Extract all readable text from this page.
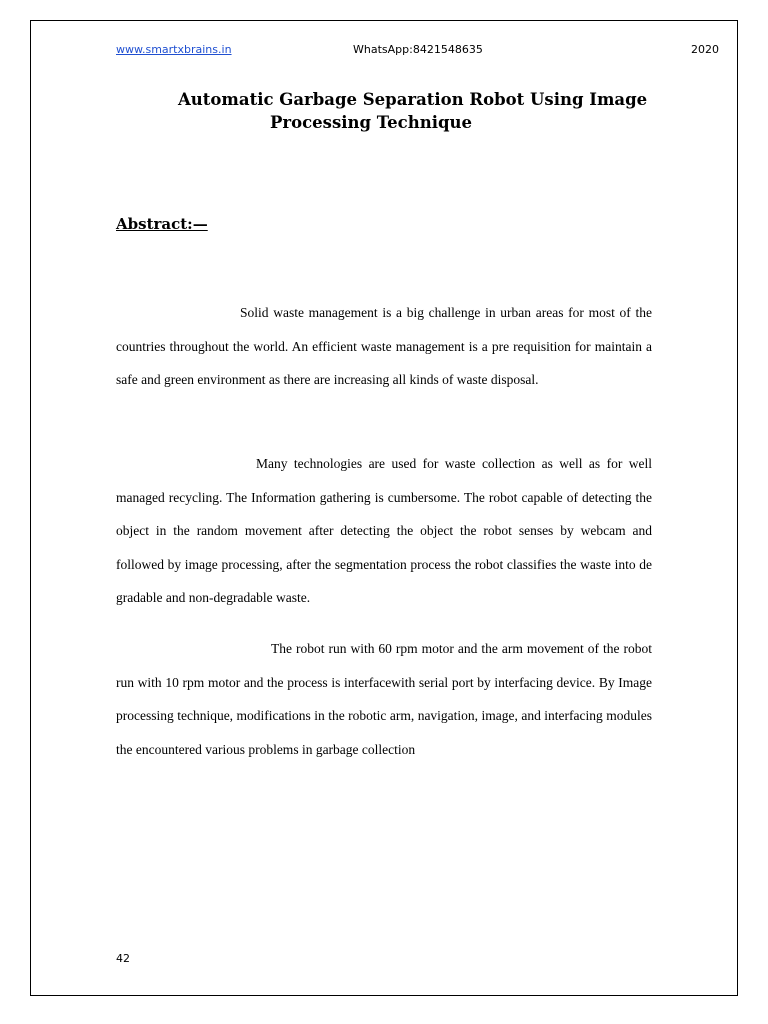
www.smartxbrains.in	WhatsApp:8421548635	2020
Automatic Garbage Separation Robot Using Image
Processing Technique
Abstract:—

Solid waste management is a big challenge in urban areas for most of the countries throughout the world. An efficient waste management is a pre requisition for maintain a safe and green environment as there are increasing all kinds of waste disposal.

Many technologies are used for waste collection as well as for well managed recycling. The Information gathering is cumbersome. The robot capable of detecting the object in the random movement after detecting the object the robot senses by webcam and followed by image processing, after the segmentation process the robot classifies the waste into de gradable and non-degradable waste.

The robot run with 60 rpm motor and the arm movement of the robot run with 10 rpm motor and the process is interfacewith serial port by interfacing device. By Image processing technique, modifications in the robotic arm, navigation, image, and interfacing modules the encountered various problems in garbage collection

42
